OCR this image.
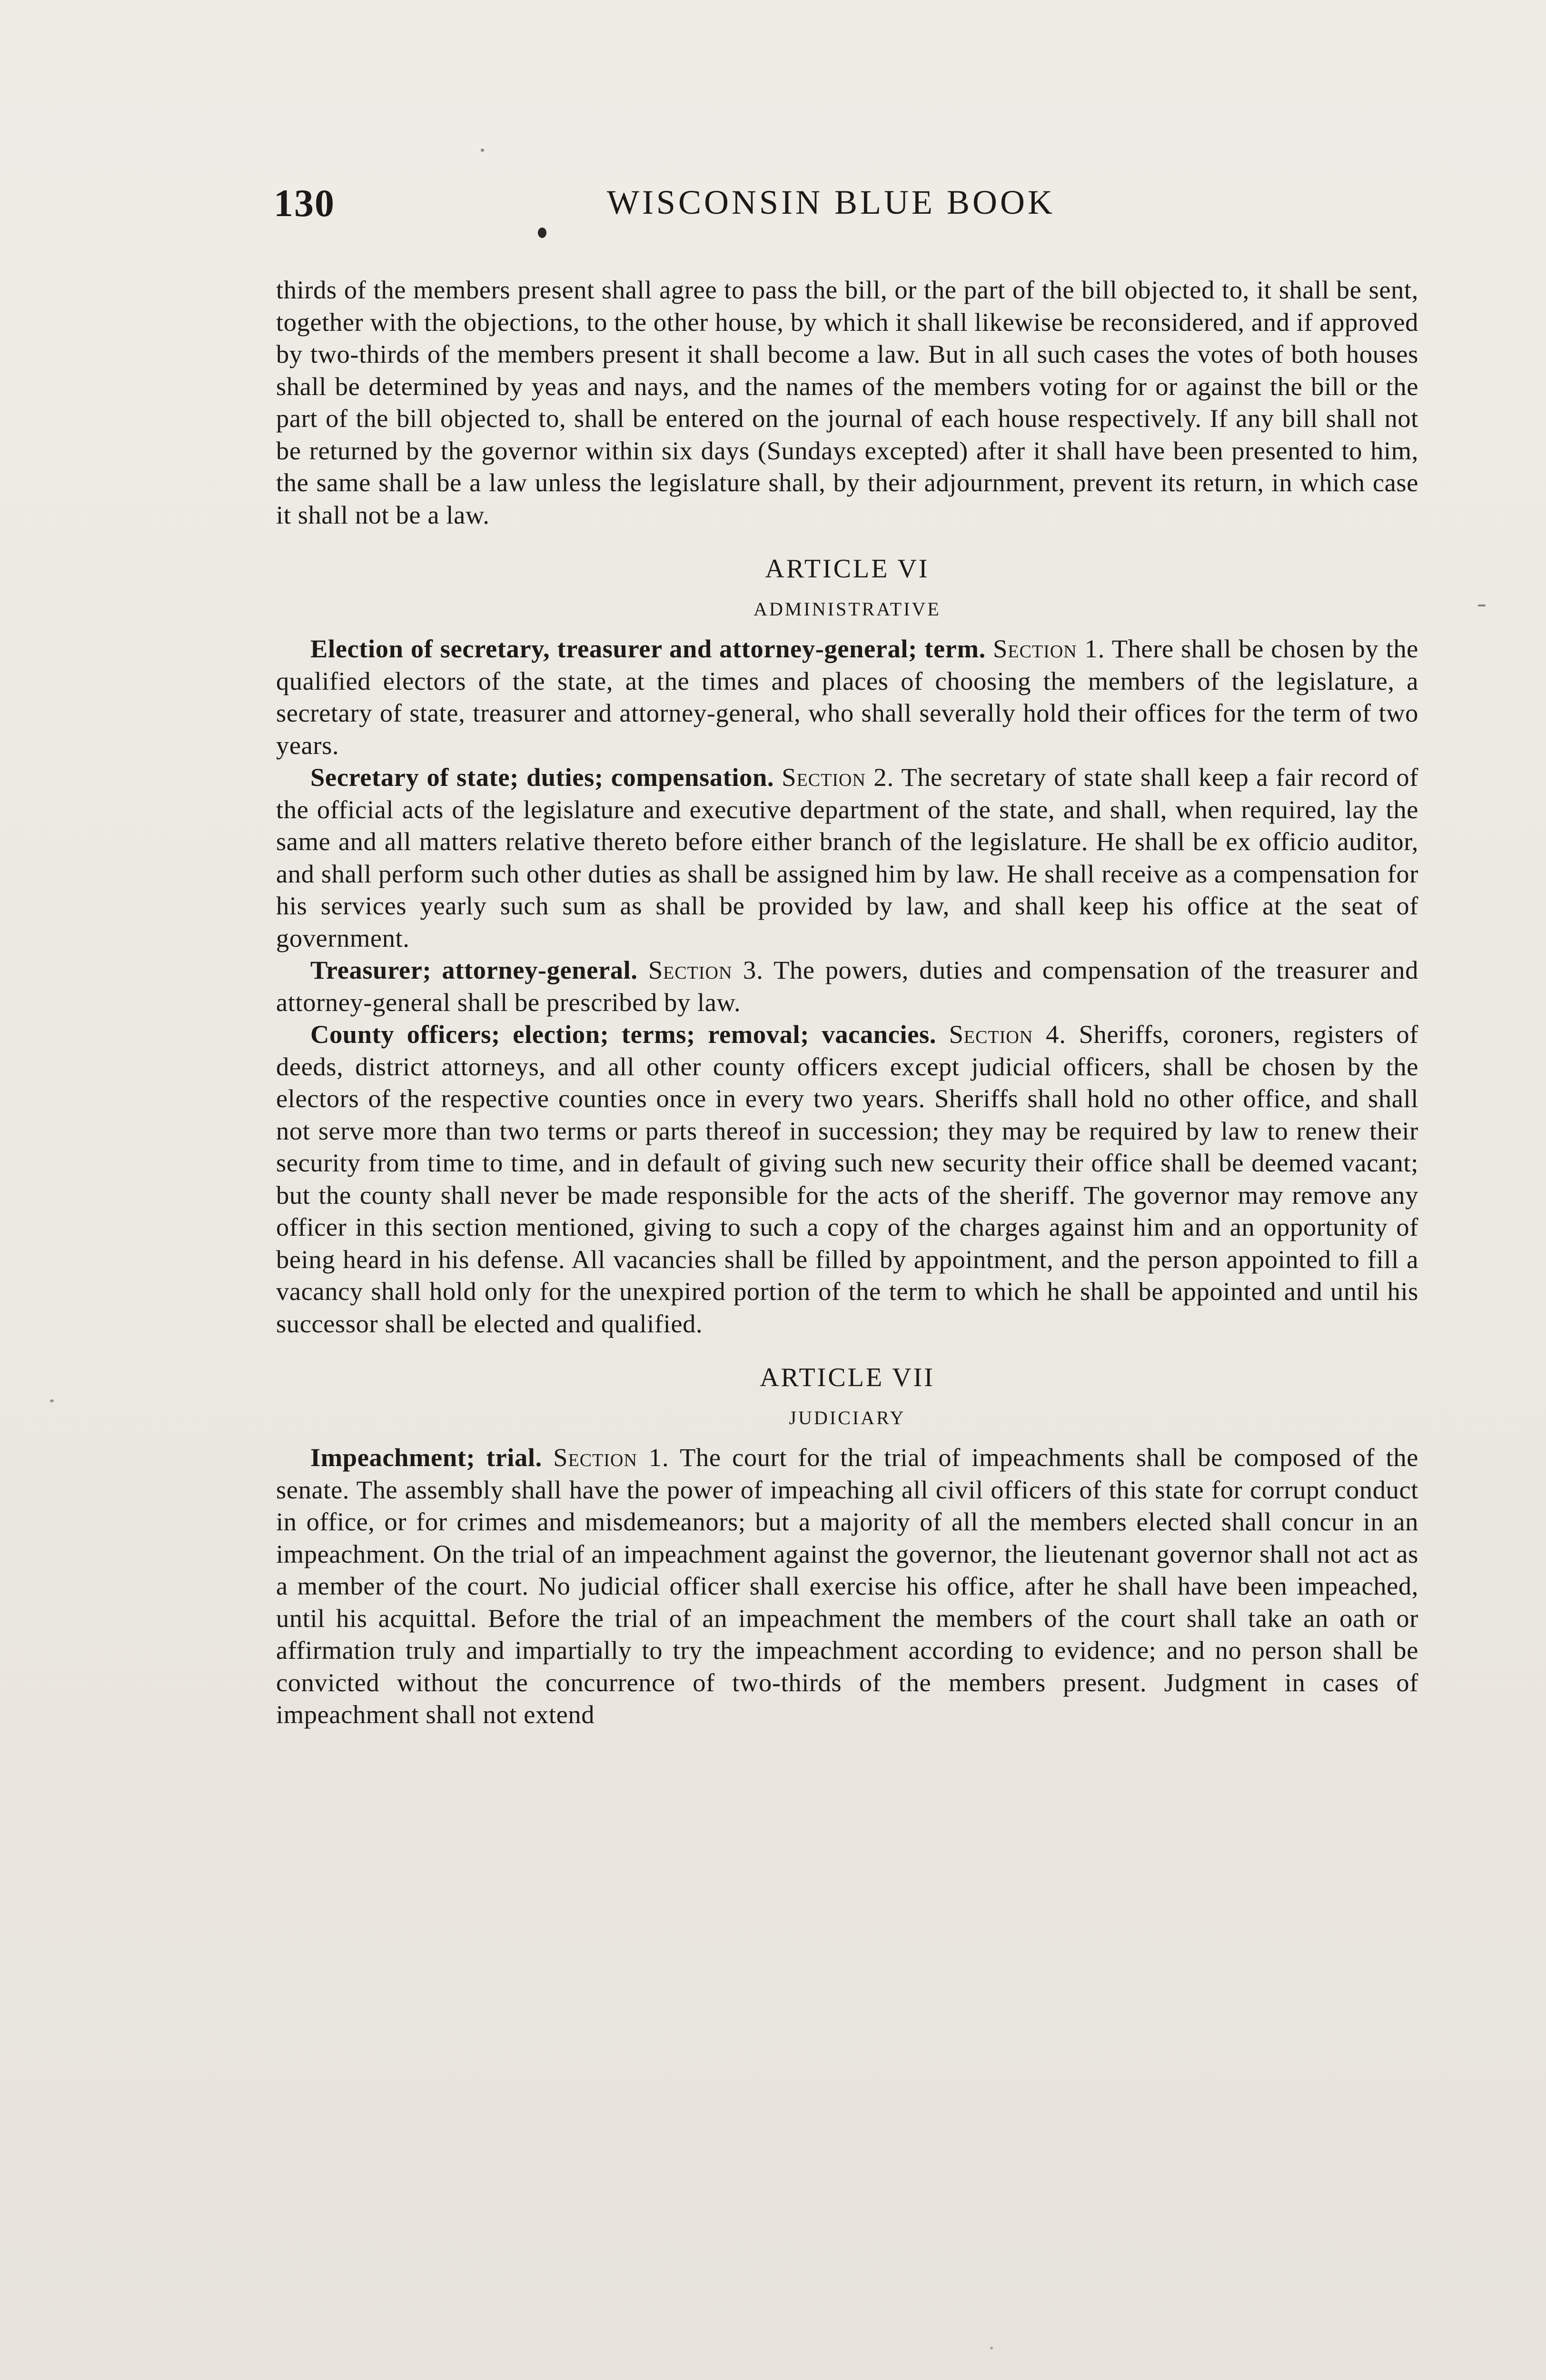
130	WISCONSIN BLUE BOOK

thirds of the members present shall agree to pass the bill, or the part of the bill objected to, it shall be sent, together with the objections, to the other house, by which it shall likewise be reconsidered, and if approved by two-thirds of the members present it shall become a law. But in all such cases the votes of both houses shall be determined by yeas and nays, and the names of the members voting for or against the bill or the part of the bill objected to, shall be entered on the journal of each house respectively. If any bill shall not be returned by the governor within six days (Sundays excepted) after it shall have been presented to him, the same shall be a law unless the legislature shall, by their adjournment, prevent its return, in which case it shall not be a law.

ARTICLE VI
ADMINISTRATIVE

Election of secretary, treasurer and attorney-general; term. Section 1. There shall be chosen by the qualified electors of the state, at the times and places of choosing the members of the legislature, a secretary of state, treasurer and attorney-general, who shall severally hold their offices for the term of two years.

Secretary of state; duties; compensation. Section 2. The secretary of state shall keep a fair record of the official acts of the legislature and executive department of the state, and shall, when required, lay the same and all matters relative thereto before either branch of the legislature. He shall be ex officio auditor, and shall perform such other duties as shall be assigned him by law. He shall receive as a compensation for his services yearly such sum as shall be provided by law, and shall keep his office at the seat of government.

Treasurer; attorney-general. Section 3. The powers, duties and compensation of the treasurer and attorney-general shall be prescribed by law.

County officers; election; terms; removal; vacancies. Section 4. Sheriffs, coroners, registers of deeds, district attorneys, and all other county officers except judicial officers, shall be chosen by the electors of the respective counties once in every two years. Sheriffs shall hold no other office, and shall not serve more than two terms or parts thereof in succession; they may be required by law to renew their security from time to time, and in default of giving such new security their office shall be deemed vacant; but the county shall never be made responsible for the acts of the sheriff. The governor may remove any officer in this section mentioned, giving to such a copy of the charges against him and an opportunity of being heard in his defense. All vacancies shall be filled by appointment, and the person appointed to fill a vacancy shall hold only for the unexpired portion of the term to which he shall be appointed and until his successor shall be elected and qualified.

ARTICLE VII
JUDICIARY

Impeachment; trial. Section 1. The court for the trial of impeachments shall be composed of the senate. The assembly shall have the power of impeaching all civil officers of this state for corrupt conduct in office, or for crimes and misdemeanors; but a majority of all the members elected shall concur in an impeachment. On the trial of an impeachment against the governor, the lieutenant governor shall not act as a member of the court. No judicial officer shall exercise his office, after he shall have been impeached, until his acquittal. Before the trial of an impeachment the members of the court shall take an oath or affirmation truly and impartially to try the impeachment according to evidence; and no person shall be convicted without the concurrence of two-thirds of the members present. Judgment in cases of impeachment shall not extend
